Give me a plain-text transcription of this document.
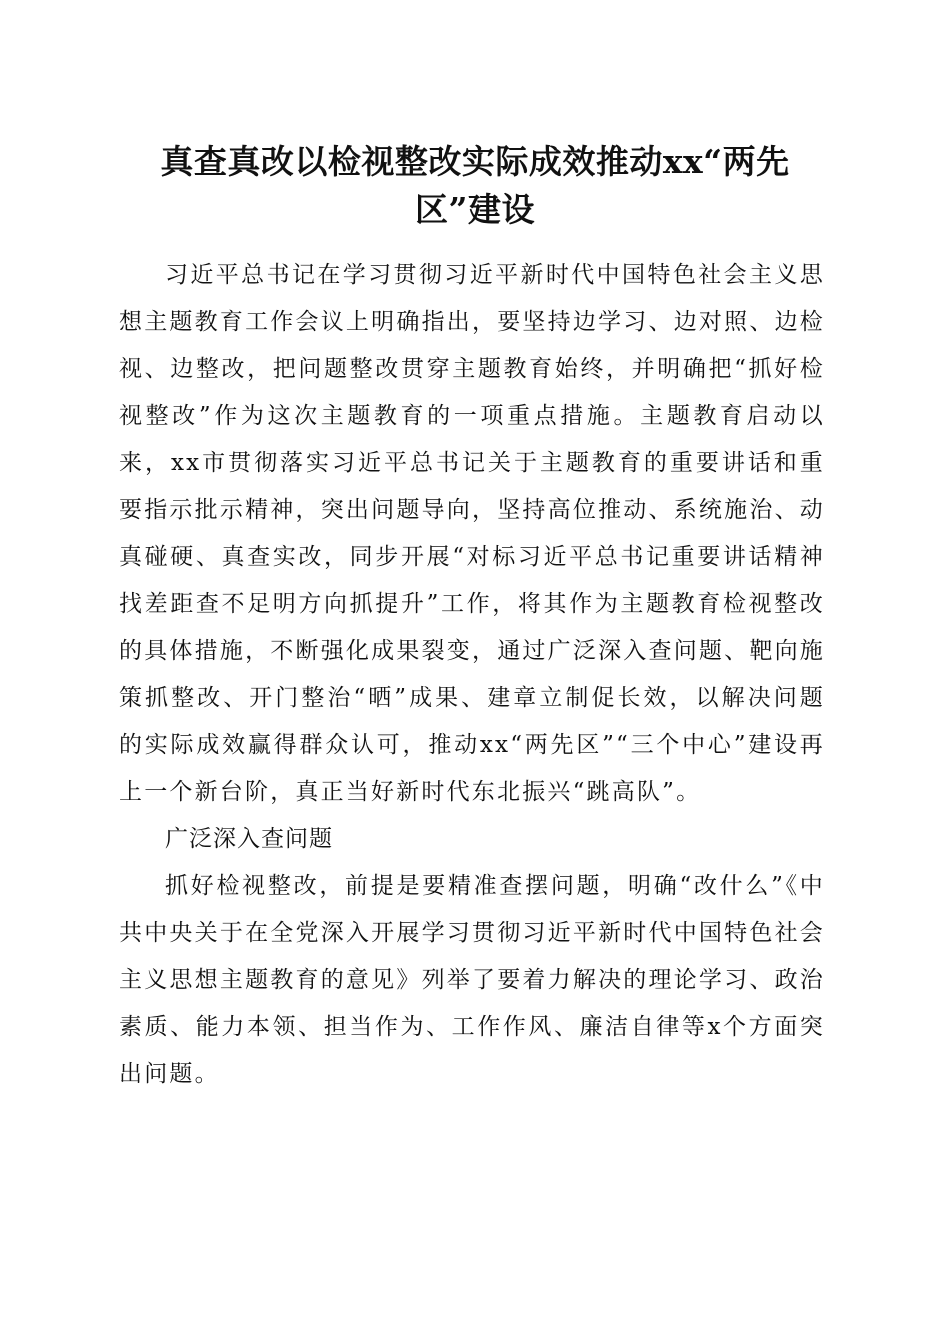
真查真改以检视整改实际成效推动xx“两先区”建设

习近平总书记在学习贯彻习近平新时代中国特色社会主义思想主题教育工作会议上明确指出，要坚持边学习、边对照、边检视、边整改，把问题整改贯穿主题教育始终，并明确把“抓好检视整改”作为这次主题教育的一项重点措施。主题教育启动以来，xx市贯彻落实习近平总书记关于主题教育的重要讲话和重要指示批示精神，突出问题导向，坚持高位推动、系统施治、动真碰硬、真查实改，同步开展“对标习近平总书记重要讲话精神找差距查不足明方向抓提升”工作，将其作为主题教育检视整改的具体措施，不断强化成果裂变，通过广泛深入查问题、靶向施策抓整改、开门整治“晒”成果、建章立制促长效，以解决问题的实际成效赢得群众认可，推动xx“两先区”“三个中心”建设再上一个新台阶，真正当好新时代东北振兴“跳高队”。

广泛深入查问题

抓好检视整改，前提是要精准查摆问题，明确“改什么”《中共中央关于在全党深入开展学习贯彻习近平新时代中国特色社会主义思想主题教育的意见》列举了要着力解决的理论学习、政治素质、能力本领、担当作为、工作作风、廉洁自律等x个方面突出问题。
